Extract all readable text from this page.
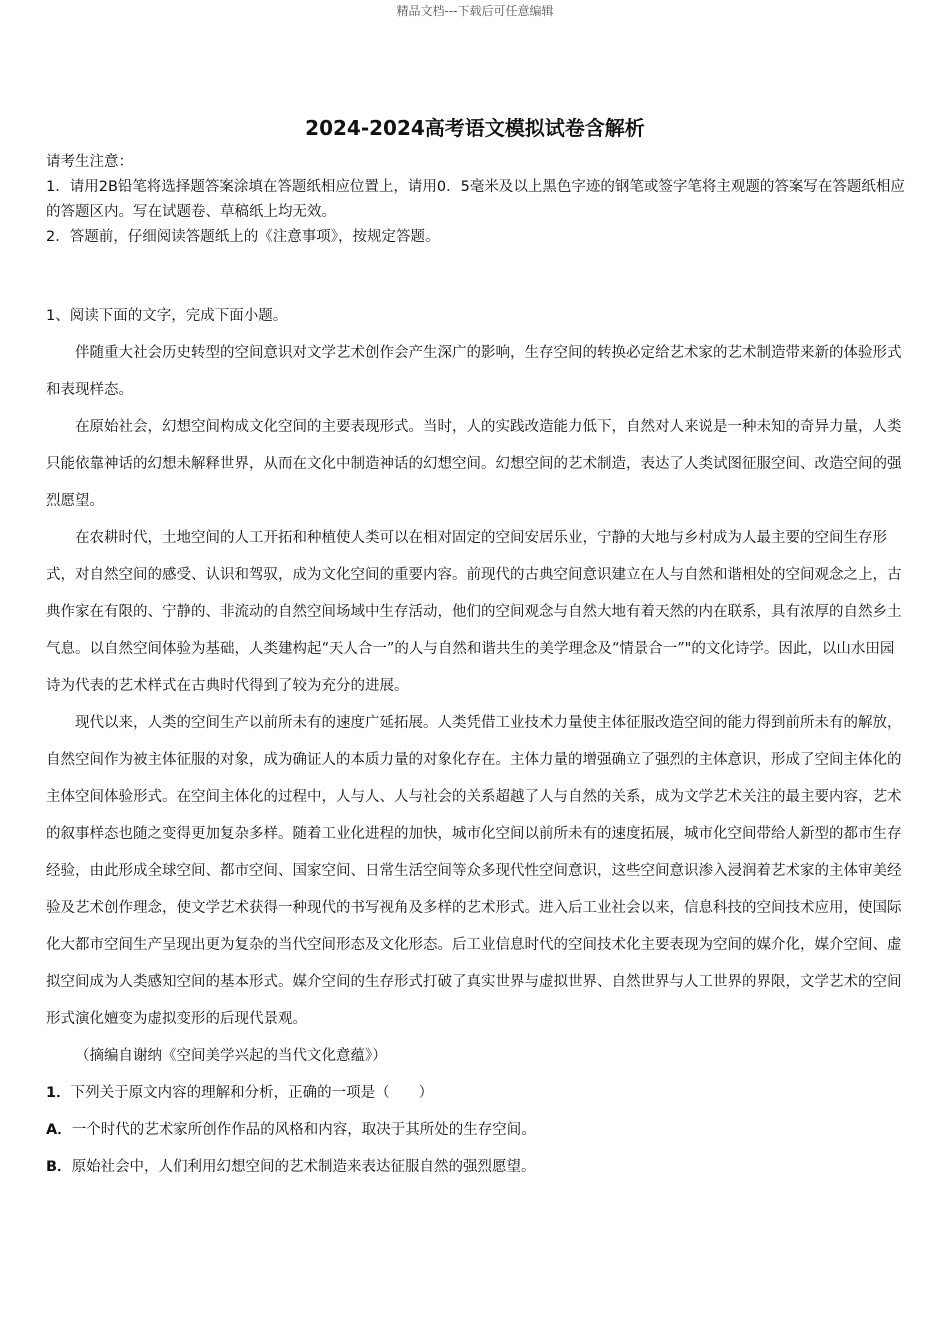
精品文档---下载后可任意编辑
2024-2024高考语文模拟试卷含解析

请考生注意：

1．请用2B铅笔将选择题答案涂填在答题纸相应位置上，请用0．5毫米及以上黑色字迹的钢笔或签字笔将主观题的答案写在答题纸相应的答题区内。写在试题卷、草稿纸上均无效。

2．答题前，仔细阅读答题纸上的《注意事项》，按规定答题。

1、阅读下面的文字，完成下面小题。

伴随重大社会历史转型的空间意识对文学艺术创作会产生深广的影响，生存空间的转换必定给艺术家的艺术制造带来新的体验形式和表现样态。

在原始社会，幻想空间构成文化空间的主要表现形式。当时，人的实践改造能力低下，自然对人来说是一种未知的奇异力量，人类只能依靠神话的幻想未解释世界，从而在文化中制造神话的幻想空间。幻想空间的艺术制造，表达了人类试图征服空间、改造空间的强烈愿望。

在农耕时代，土地空间的人工开拓和种植使人类可以在相对固定的空间安居乐业，宁静的大地与乡村成为人最主要的空间生存形式，对自然空间的感受、认识和驾驭，成为文化空间的重要内容。前现代的古典空间意识建立在人与自然和谐相处的空间观念之上，古典作家在有限的、宁静的、非流动的自然空间场域中生存活动，他们的空间观念与自然大地有着天然的内在联系，具有浓厚的自然乡土气息。以自然空间体验为基础，人类建构起“天人合一”的人与自然和谐共生的美学理念及“情景合一”"的文化诗学。因此，以山水田园诗为代表的艺术样式在古典时代得到了较为充分的进展。

现代以来，人类的空间生产以前所未有的速度广延拓展。人类凭借工业技术力量使主体征服改造空间的能力得到前所未有的解放，自然空间作为被主体征服的对象，成为确证人的本质力量的对象化存在。主体力量的增强确立了强烈的主体意识，形成了空间主体化的主体空间体验形式。在空间主体化的过程中，人与人、人与社会的关系超越了人与自然的关系，成为文学艺术关注的最主要内容，艺术的叙事样态也随之变得更加复杂多样。随着工业化进程的加快，城市化空间以前所未有的速度拓展，城市化空间带给人新型的都市生存经验，由此形成全球空间、都市空间、国家空间、日常生活空间等众多现代性空间意识，这些空间意识渗入浸润着艺术家的主体审美经验及艺术创作理念，使文学艺术获得一种现代的书写视角及多样的艺术形式。进入后工业社会以来，信息科技的空间技术应用，使国际化大都市空间生产呈现出更为复杂的当代空间形态及文化形态。后工业信息时代的空间技术化主要表现为空间的媒介化，媒介空间、虚拟空间成为人类感知空间的基本形式。媒介空间的生存形式打破了真实世界与虚拟世界、自然世界与人工世界的界限，文学艺术的空间形式演化嬗变为虚拟变形的后现代景观。

（摘编自谢纳《空间美学兴起的当代文化意蕴》）

1．下列关于原文内容的理解和分析，正确的一项是（　　）

A．一个时代的艺术家所创作作品的风格和内容，取决于其所处的生存空间。

B．原始社会中，人们利用幻想空间的艺术制造来表达征服自然的强烈愿望。
